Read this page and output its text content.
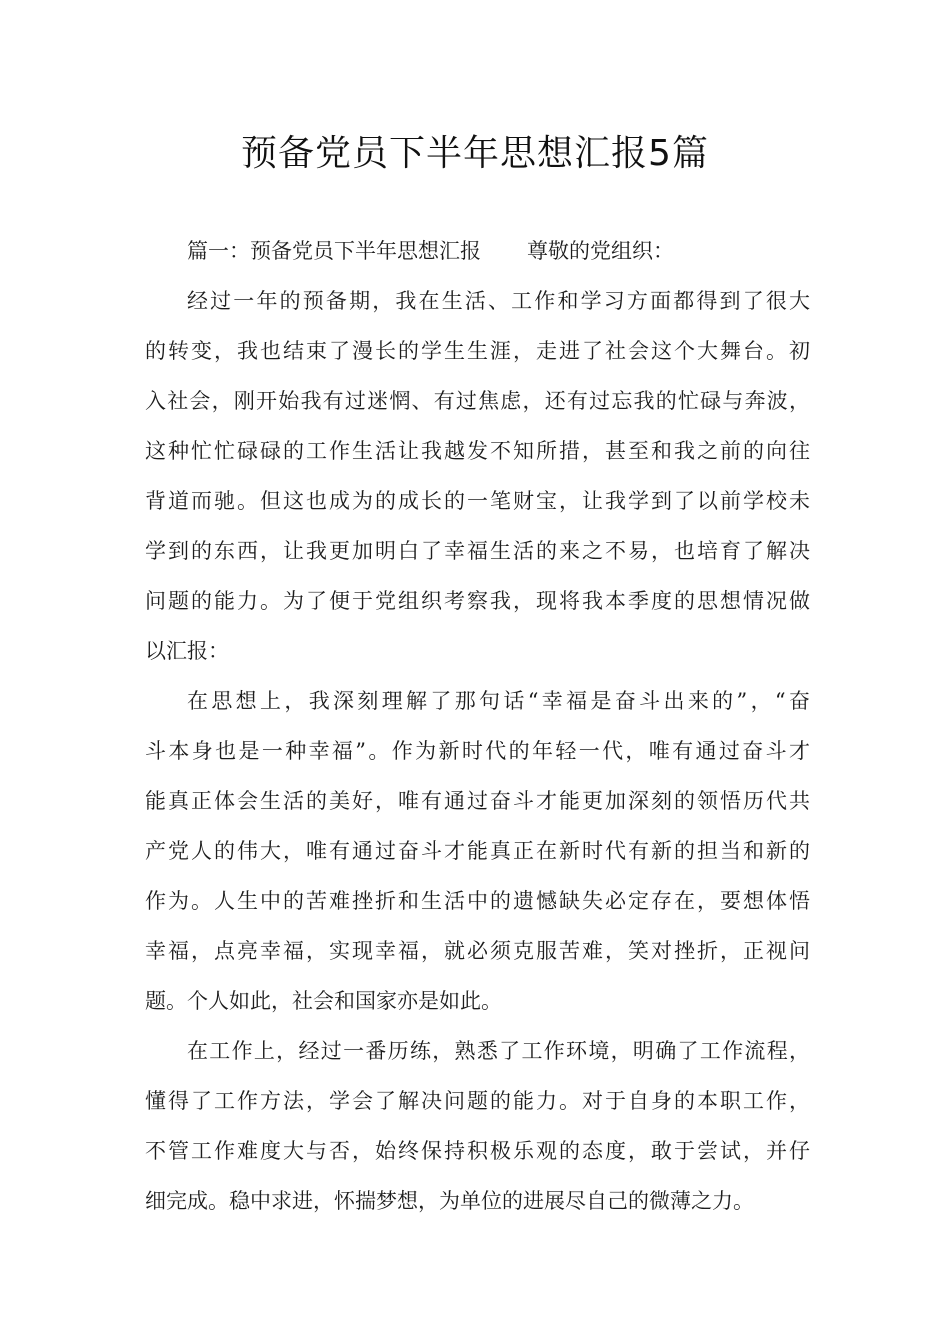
预备党员下半年思想汇报5篇

篇一：预备党员下半年思想汇报 尊敬的党组织：

经过一年的预备期，我在生活、工作和学习方面都得到了很大
的转变，我也结束了漫长的学生生涯，走进了社会这个大舞台。初
入社会，刚开始我有过迷惘、有过焦虑，还有过忘我的忙碌与奔波，
这种忙忙碌碌的工作生活让我越发不知所措，甚至和我之前的向往
背道而驰。但这也成为的成长的一笔财宝，让我学到了以前学校未
学到的东西，让我更加明白了幸福生活的来之不易，也培育了解决
问题的能力。为了便于党组织考察我，现将我本季度的思想情况做
以汇报：
在思想上，我深刻理解了那句话“幸福是奋斗出来的”，“奋
斗本身也是一种幸福”。作为新时代的年轻一代，唯有通过奋斗才
能真正体会生活的美好，唯有通过奋斗才能更加深刻的领悟历代共
产党人的伟大，唯有通过奋斗才能真正在新时代有新的担当和新的
作为。人生中的苦难挫折和生活中的遗憾缺失必定存在，要想体悟
幸福，点亮幸福，实现幸福，就必须克服苦难，笑对挫折，正视问
题。个人如此，社会和国家亦是如此。
在工作上，经过一番历练，熟悉了工作环境，明确了工作流程，
懂得了工作方法，学会了解决问题的能力。对于自身的本职工作，
不管工作难度大与否，始终保持积极乐观的态度，敢于尝试，并仔
细完成。稳中求进，怀揣梦想，为单位的进展尽自己的微薄之力。
